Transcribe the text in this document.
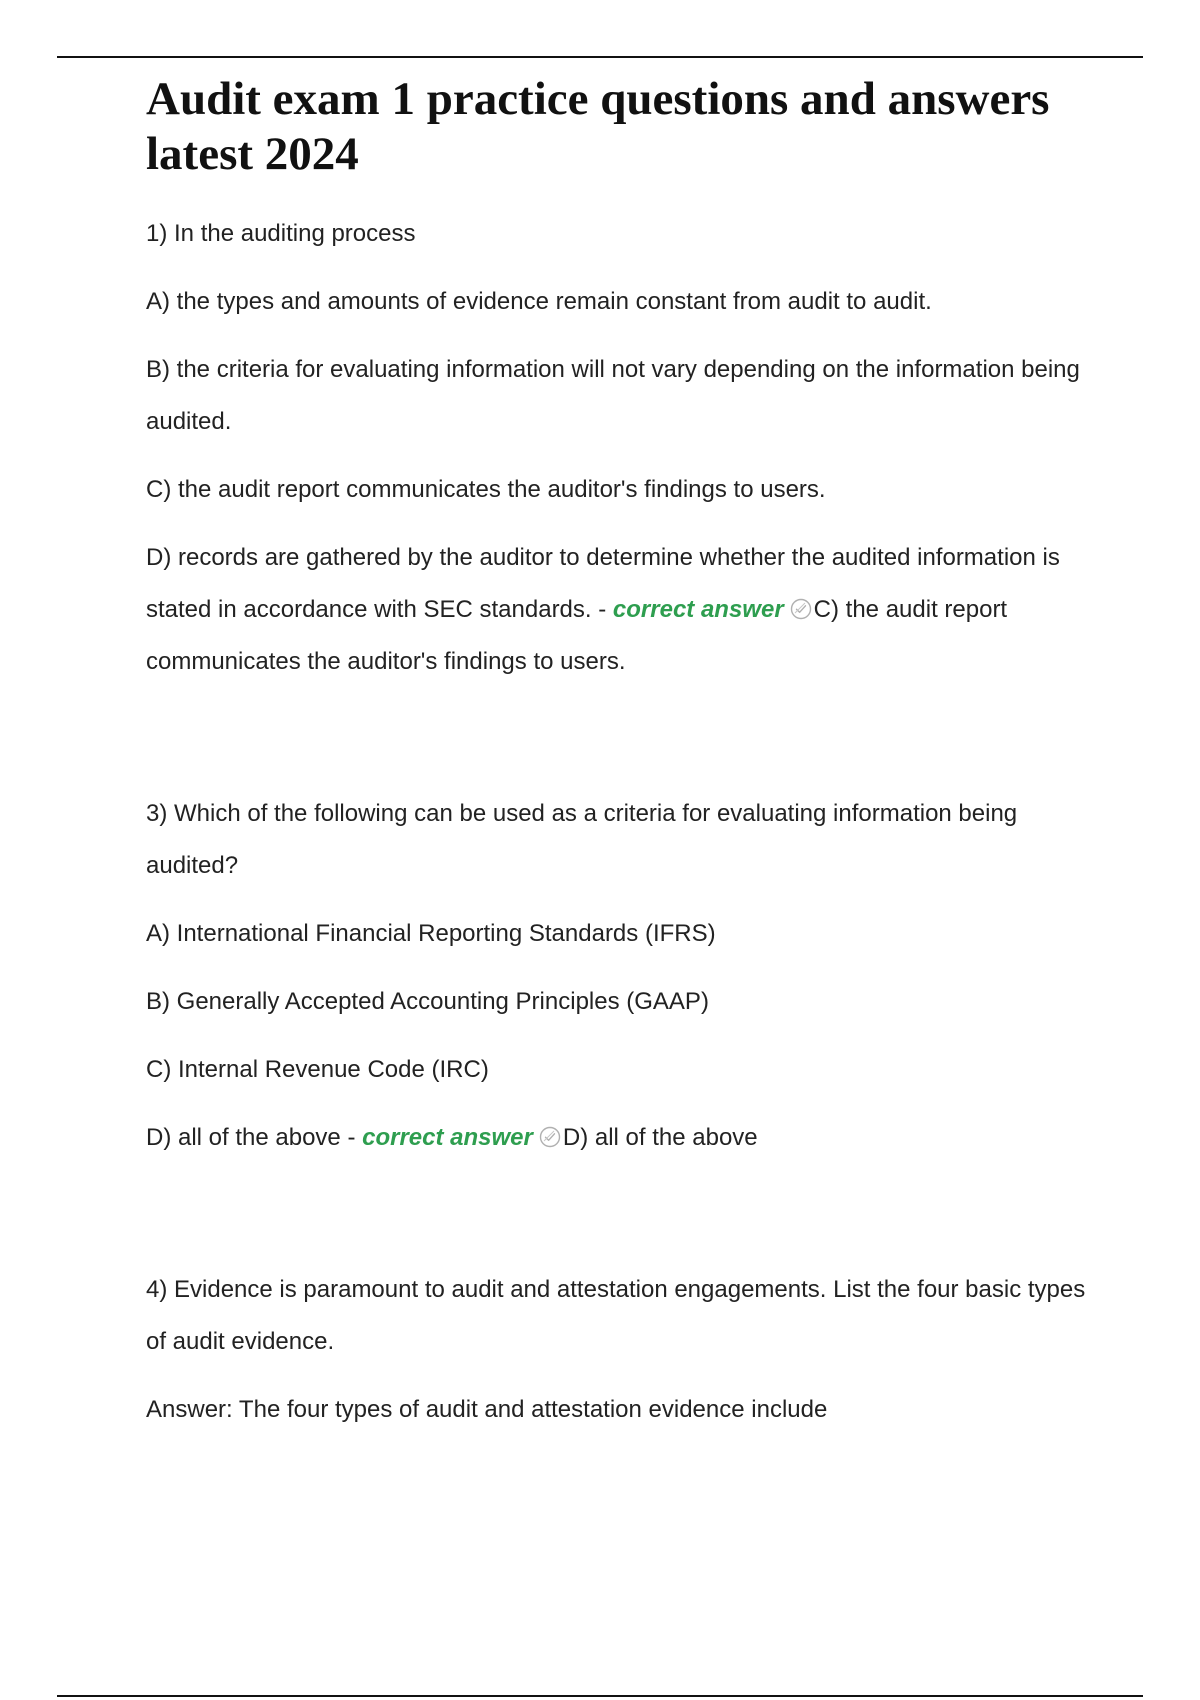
Audit exam 1 practice questions and answers latest 2024

1) In the auditing process

A) the types and amounts of evidence remain constant from audit to audit.

B) the criteria for evaluating information will not vary depending on the information being audited.

C) the audit report communicates the auditor's findings to users.

D) records are gathered by the auditor to determine whether the audited information is stated in accordance with SEC standards. - correct answer C) the audit report communicates the auditor's findings to users.

3) Which of the following can be used as a criteria for evaluating information being audited?

A) International Financial Reporting Standards (IFRS)

B) Generally Accepted Accounting Principles (GAAP)

C) Internal Revenue Code (IRC)

D) all of the above - correct answer D) all of the above

4) Evidence is paramount to audit and attestation engagements. List the four basic types of audit evidence.

Answer: The four types of audit and attestation evidence include
